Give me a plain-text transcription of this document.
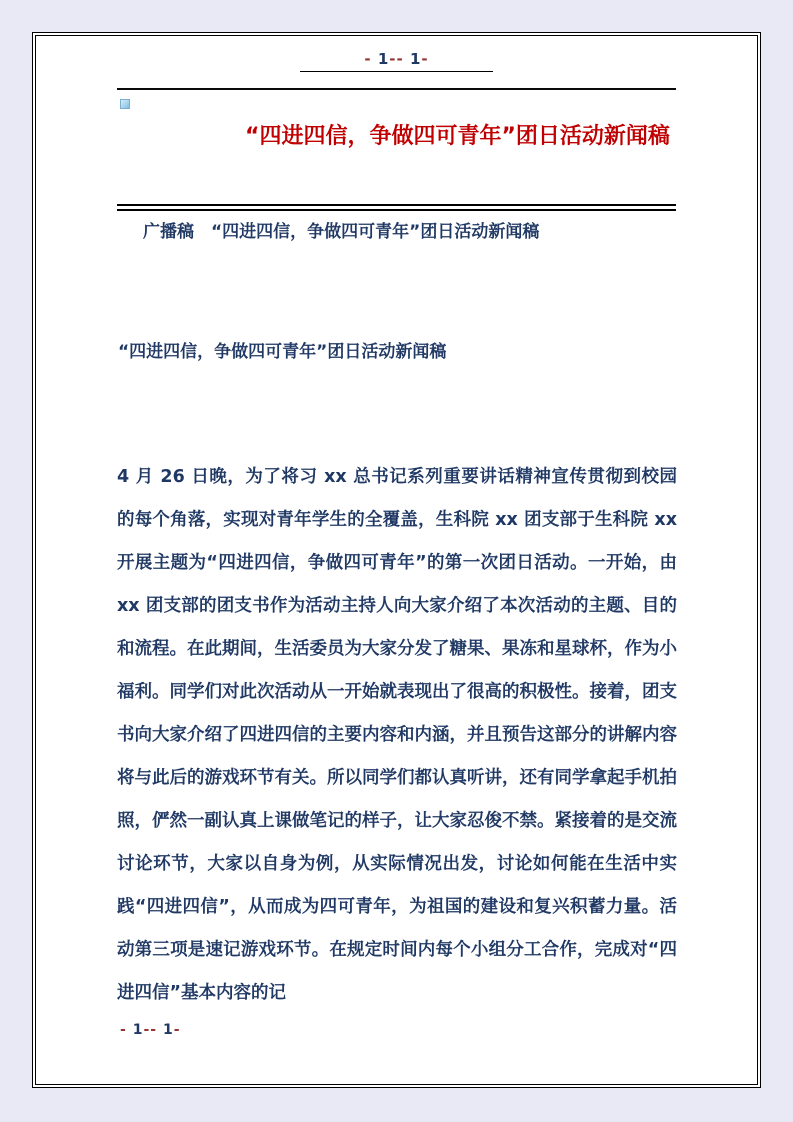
- 1-- 1-
“四进四信，争做四可青年”团日活动新闻稿
广播稿　“四进四信，争做四可青年”团日活动新闻稿
“四进四信，争做四可青年”团日活动新闻稿
4 月 26 日晚，为了将习 xx 总书记系列重要讲话精神宣传贯彻到校园的每个角落，实现对青年学生的全覆盖，生科院 xx 团支部于生科院 xx 开展主题为“四进四信，争做四可青年”的第一次团日活动。一开始，由 xx 团支部的团支书作为活动主持人向大家介绍了本次活动的主题、目的和流程。在此期间，生活委员为大家分发了糖果、果冻和星球杯，作为小福利。同学们对此次活动从一开始就表现出了很高的积极性。接着，团支书向大家介绍了四进四信的主要内容和内涵，并且预告这部分的讲解内容将与此后的游戏环节有关。所以同学们都认真听讲，还有同学拿起手机拍照，俨然一副认真上课做笔记的样子，让大家忍俊不禁。紧接着的是交流讨论环节，大家以自身为例，从实际情况出发，讨论如何能在生活中实践“四进四信”，从而成为四可青年，为祖国的建设和复兴积蓄力量。活动第三项是速记游戏环节。在规定时间内每个小组分工合作，完成对“四进四信”基本内容的记
- 1-- 1-
